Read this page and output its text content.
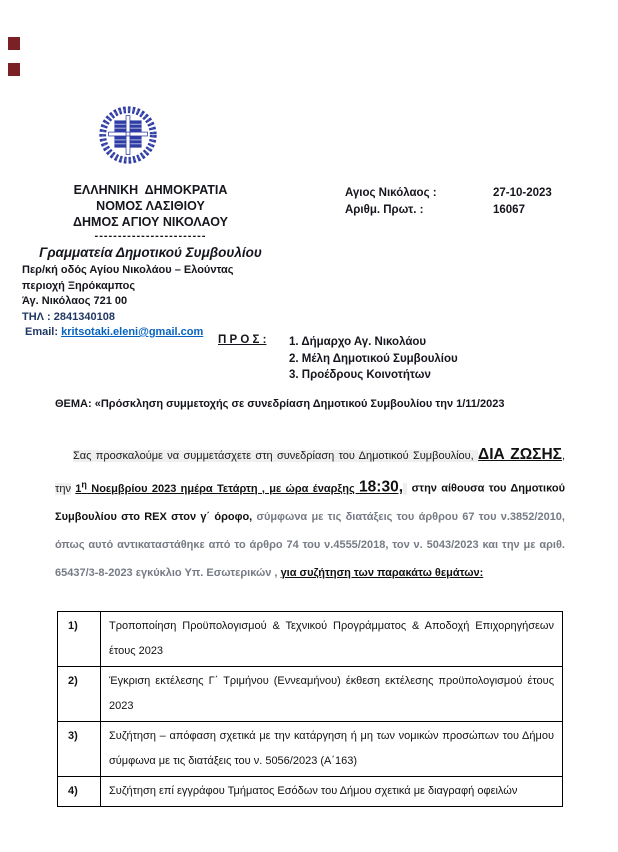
ΕΛΛΗΝΙΚΗ  ΔΗΜΟΚΡΑΤΙΑ
ΝΟΜΟΣ ΛΑΣΙΘΙΟΥ
ΔΗΜΟΣ ΑΓΙΟΥ ΝΙΚΟΛΑΟΥ
------------------------
Γραμματεία Δημοτικού Συμβουλίου
Περ/κή οδός Αγίου Νικολάου – Ελούντας
περιοχή Ξηρόκαμπος
Άγ. Νικόλαος 721 00
ΤΗΛ : 2841340108
Email: kritsotaki.eleni@gmail.com
Αγιος Νικόλαος :	27-10-2023
Αριθμ. Πρωτ. :	16067
Π Ρ Ο Σ : 1. Δήμαρχο Αγ. Νικολάου
2. Μέλη Δημοτικού Συμβουλίου
3. Προέδρους Κοινοτήτων
ΘΕΜΑ: «Πρόσκληση συμμετοχής σε συνεδρίαση Δημοτικού Συμβουλίου την 1/11/2023
Σας προσκαλούμε να συμμετάσχετε στη συνεδρίαση του Δημοτικού Συμβουλίου, ΔΙΑ ΖΩΣΗΣ, την $1^\eta$ Νοεμβρίου 2023 ημέρα Τετάρτη , με ώρα έναρξης 18:30,  στην αίθουσα του Δημοτικού Συμβουλίου στο REX στον γ΄ όροφο, σύμφωνα με τις διατάξεις του άρθρου 67 του ν.3852/2010, όπως αυτό αντικαταστάθηκε από το άρθρο 74 του ν.4555/2018, τον ν. 5043/2023 και την με αριθ. 65437/3-8-2023 εγκύκλιο Υπ. Εσωτερικών , για συζήτηση των παρακάτω θεμάτων:
1)	Τροποποίηση Προϋπολογισμού & Τεχνικού Προγράμματος & Αποδοχή Επιχορηγήσεων έτους 2023
2)	Έγκριση εκτέλεσης Γ΄ Τριμήνου (Εννεαμήνου) έκθεση εκτέλεσης προϋπολογισμού έτους 2023
3)	Συζήτηση – απόφαση σχετικά με την κατάργηση ή μη των νομικών προσώπων του Δήμου σύμφωνα με τις διατάξεις του ν. 5056/2023 (Α΄163)
4)	Συζήτηση επί εγγράφου Τμήματος Εσόδων του Δήμου σχετικά με διαγραφή οφειλών
